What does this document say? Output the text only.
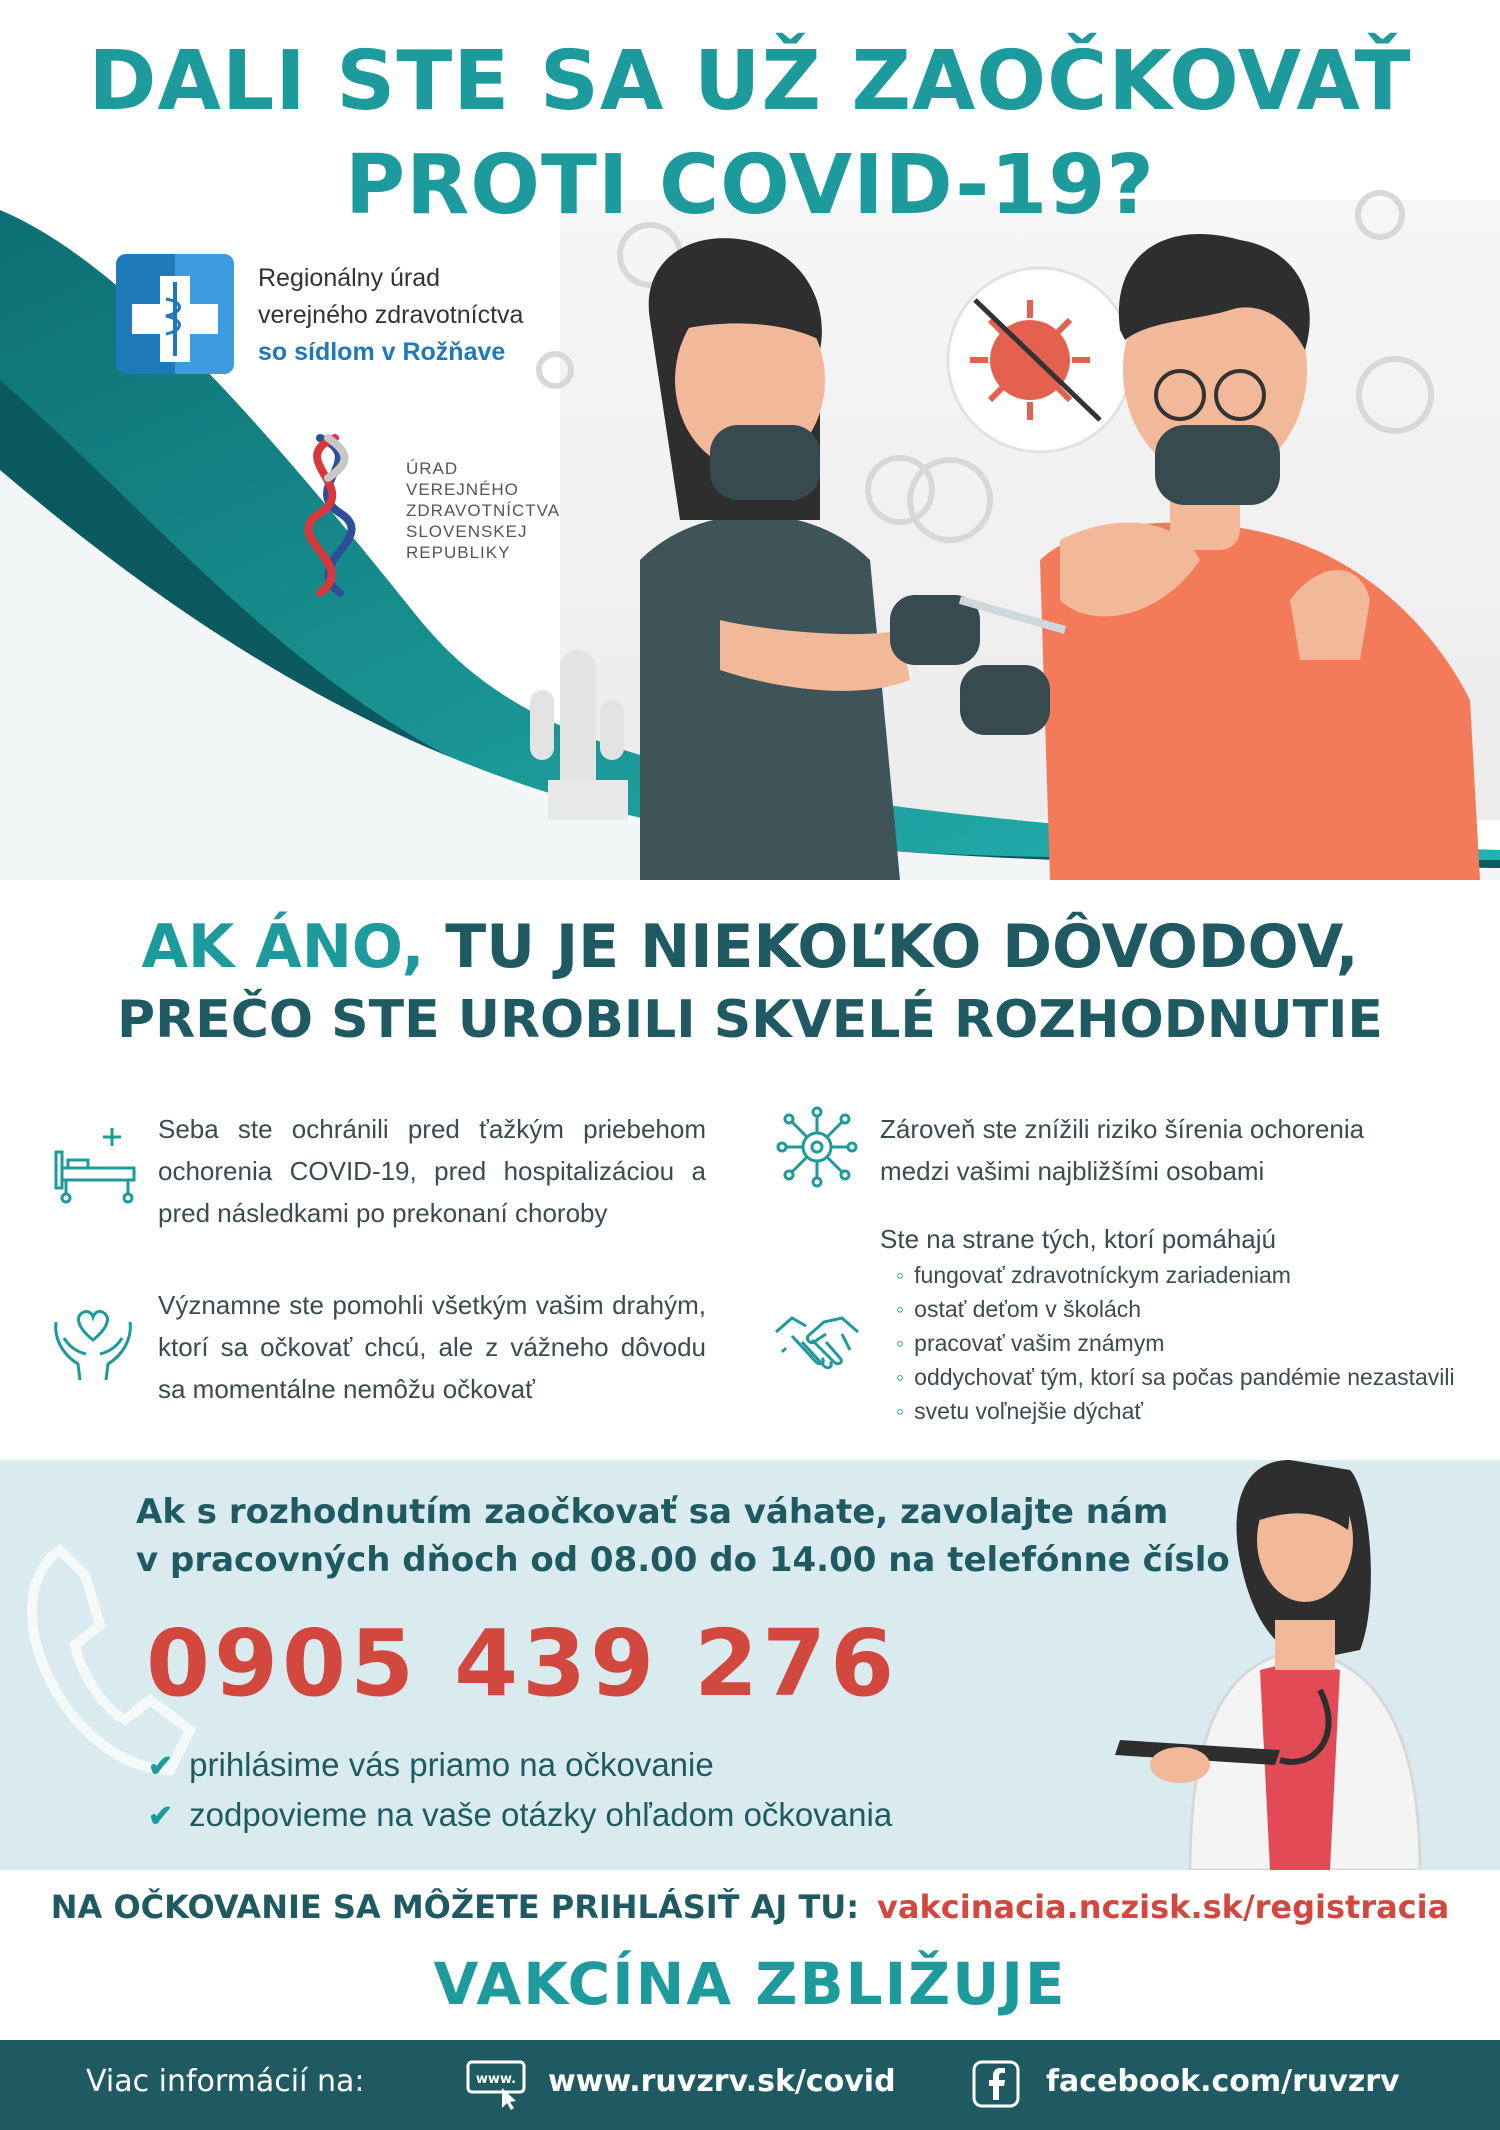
DALI STE SA UŽ ZAOČKOVAŤ
PROTI COVID-19?
Regionálny úrad
verejného zdravotníctva
so sídlom v Rožňave
ÚRAD
VEREJNÉHO
ZDRAVOTNÍCTVA
SLOVENSKEJ
REPUBLIKY
AK ÁNO, TU JE NIEKOĽKO DÔVODOV,
PREČO STE UROBILI SKVELÉ ROZHODNUTIE
Seba ste ochránili pred ťažkým priebehom ochorenia COVID-19, pred hospitalizáciou a pred následkami po prekonaní choroby
Významne ste pomohli všetkým vašim drahým, ktorí sa očkovať chcú, ale z vážneho dôvodu sa momentálne nemôžu očkovať
Zároveň ste znížili riziko šírenia ochorenia medzi vašimi najbližšími osobami
Ste na strane tých, ktorí pomáhajú
◦ fungovať zdravotníckym zariadeniam
◦ ostať deťom v školách
◦ pracovať vašim známym
◦ oddychovať tým, ktorí sa počas pandémie nezastavili
◦ svetu voľnejšie dýchať
Ak s rozhodnutím zaočkovať sa váhate, zavolajte nám
v pracovných dňoch od 08.00 do 14.00 na telefónne číslo
0905 439 276
✔ prihlásime vás priamo na očkovanie
✔ zodpovieme na vaše otázky ohľadom očkovania
NA OČKOVANIE SA MÔŽETE PRIHLÁSIŤ AJ TU: vakcinacia.nczisk.sk/registracia
VAKCÍNA ZBLIŽUJE
Viac informácií na:	www. www.ruvzrv.sk/covid	facebook.com/ruvzrv
